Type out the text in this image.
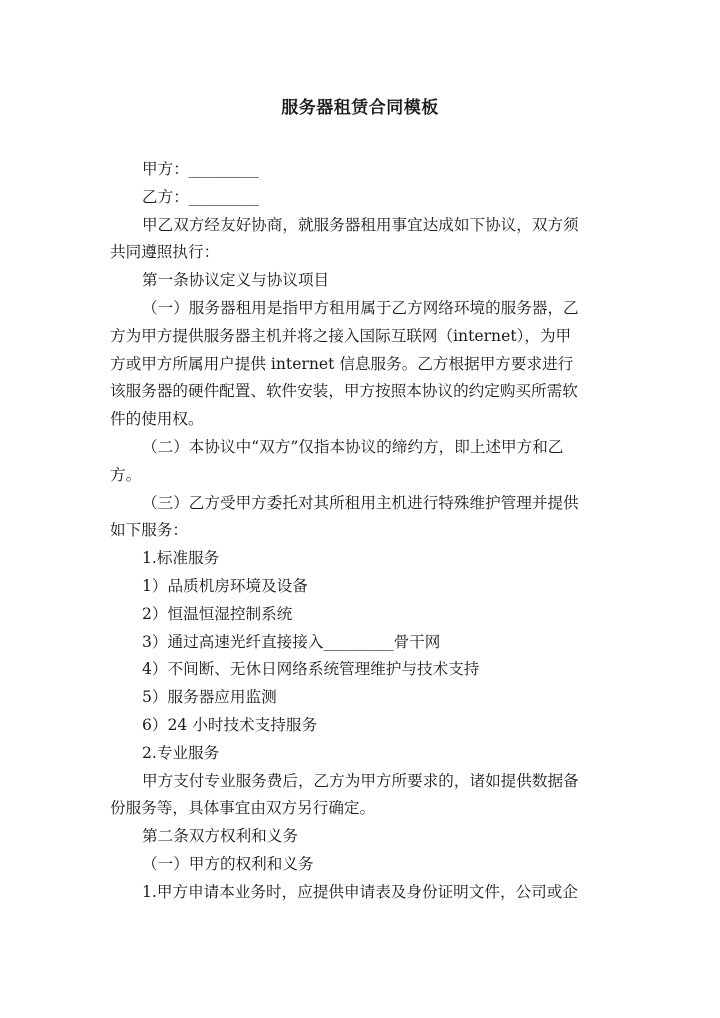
服务器租赁合同模板
甲方：_________
乙方：_________
甲乙双方经友好协商，就服务器租用事宜达成如下协议，双方须
共同遵照执行：
第一条协议定义与协议项目
（一）服务器租用是指甲方租用属于乙方网络环境的服务器，乙
方为甲方提供服务器主机并将之接入国际互联网（internet），为甲
方或甲方所属用户提供 internet 信息服务。乙方根据甲方要求进行
该服务器的硬件配置、软件安装，甲方按照本协议的约定购买所需软
件的使用权。
（二）本协议中“双方”仅指本协议的缔约方，即上述甲方和乙
方。
（三）乙方受甲方委托对其所租用主机进行特殊维护管理并提供
如下服务：
1.标准服务
1）品质机房环境及设备
2）恒温恒湿控制系统
3）通过高速光纤直接接入_________骨干网
4）不间断、无休日网络系统管理维护与技术支持
5）服务器应用监测
6）24 小时技术支持服务
2.专业服务
甲方支付专业服务费后，乙方为甲方所要求的，诸如提供数据备
份服务等，具体事宜由双方另行确定。
第二条双方权利和义务
（一）甲方的权利和义务
1.甲方申请本业务时，应提供申请表及身份证明文件，公司或企
